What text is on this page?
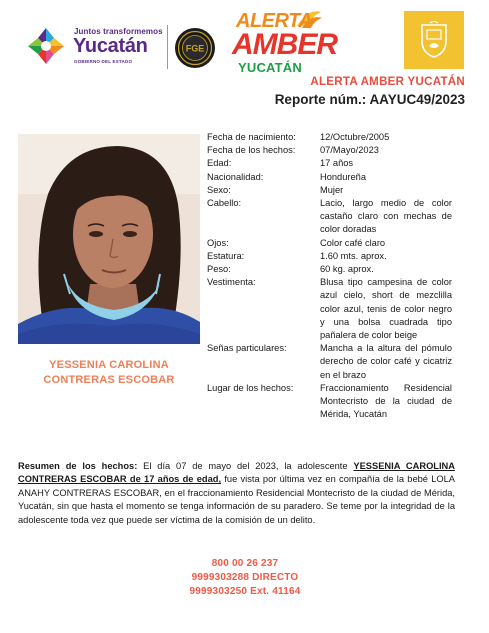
Juntos transformemos
Yucatán
GOBIERNO DEL ESTADO
FGE
ALERTA
AMBER
YUCATÁN
ALERTA AMBER YUCATÁN
Reporte núm.: AAYUC49/2023
YESSENIA CAROLINA
CONTRERAS ESCOBAR
Fecha de nacimiento:	12/Octubre/2005
Fecha de los hechos:	07/Mayo/2023
Edad:	17 años
Nacionalidad:	Hondureña
Sexo:	Mujer
Cabello:	Lacio, largo medio de color castaño claro con mechas de color doradas
Ojos:	Color café claro
Estatura:	1.60 mts. aprox.
Peso:	60 kg. aprox.
Vestimenta:	Blusa tipo campesina de color azul cielo, short de mezclilla color azul, tenis de color negro y una bolsa cuadrada tipo pañalera de color beige
Señas particulares:	Mancha a la altura del pómulo derecho de color café y cicatriz en el brazo
Lugar de los hechos:	Fraccionamiento Residencial Montecristo de la ciudad de Mérida, Yucatán
Resumen de los hechos: El día 07 de mayo del 2023, la adolescente YESSENIA CAROLINA CONTRERAS ESCOBAR de 17 años de edad, fue vista por última vez en compañía de la bebé LOLA ANAHY CONTRERAS ESCOBAR, en el fraccionamiento Residencial Montecristo de la ciudad de Mérida, Yucatán, sin que hasta el momento se tenga información de su paradero. Se teme por la integridad de la adolescente toda vez que puede ser víctima de la comisión de un delito.
800 00 26 237
9999303288 DIRECTO
9999303250 Ext. 41164
